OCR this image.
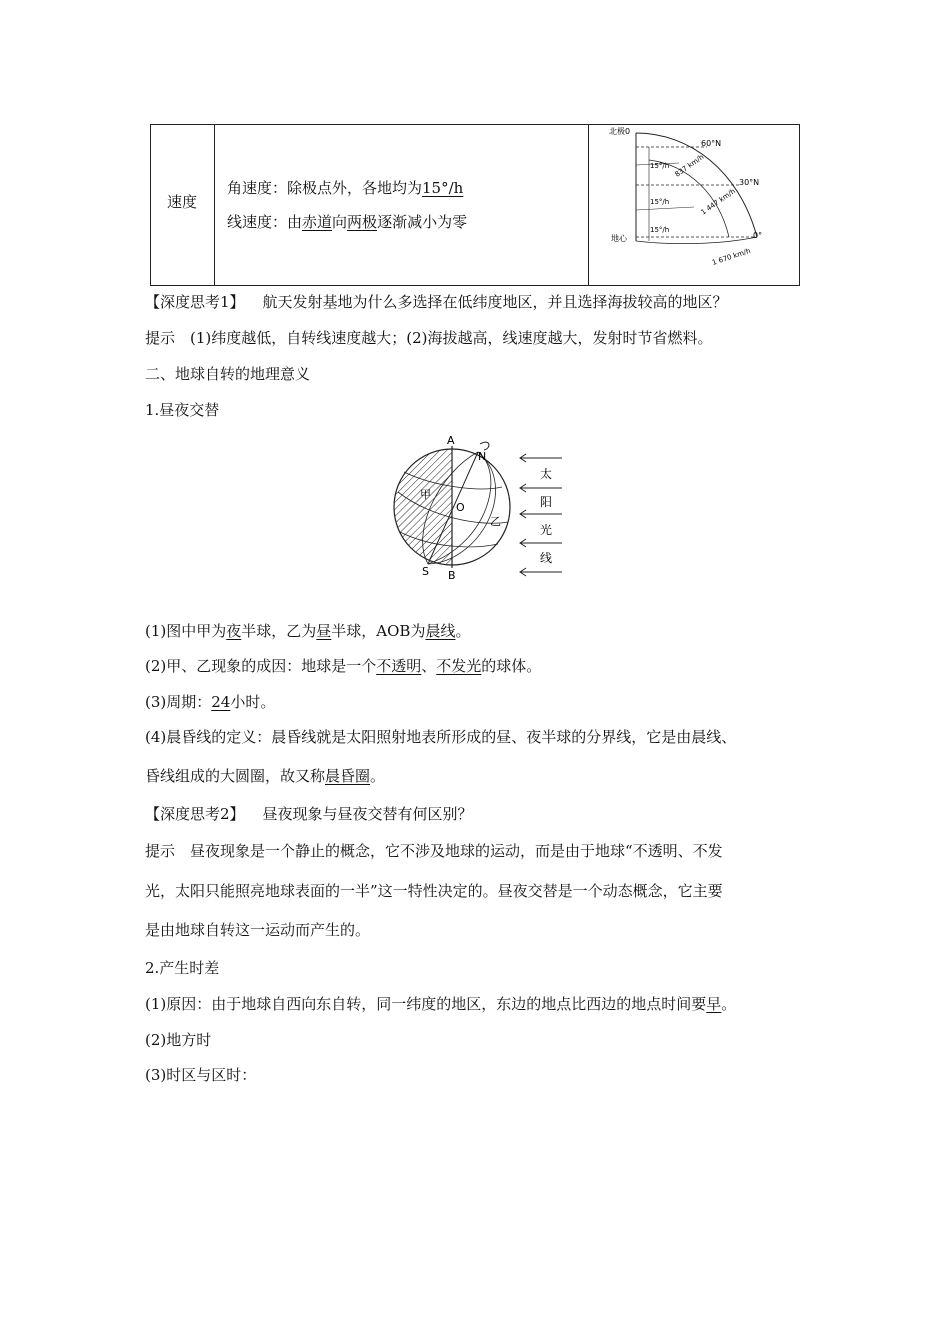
速度
角速度：除极点外，各地均为15°/h
线速度：由赤道向两极逐渐减小为零
北极0
地心
60°N
30°N
0°
15°/h
15°/h
15°/h
837 km/h
1 447 km/h
1 670 km/h
【深度思考1】 航天发射基地为什么多选择在低纬度地区，并且选择海拔较高的地区？
提示　(1)纬度越低，自转线速度越大；(2)海拔越高，线速度越大，发射时节省燃料。
二、地球自转的地理意义
1.昼夜交替
A
B
N
S
O
甲
乙
太
阳
光
线
(1)图中甲为夜半球，乙为昼半球，AOB为晨线。
(2)甲、乙现象的成因：地球是一个不透明、不发光的球体。
(3)周期：24小时。
(4)晨昏线的定义：晨昏线就是太阳照射地表所形成的昼、夜半球的分界线，它是由晨线、
昏线组成的大圆圈，故又称晨昏圈。
【深度思考2】 昼夜现象与昼夜交替有何区别？
提示　昼夜现象是一个静止的概念，它不涉及地球的运动，而是由于地球“不透明、不发
光，太阳只能照亮地球表面的一半”这一特性决定的。昼夜交替是一个动态概念，它主要
是由地球自转这一运动而产生的。
2.产生时差
(1)原因：由于地球自西向东自转，同一纬度的地区，东边的地点比西边的地点时间要早。
(2)地方时
(3)时区与区时：
